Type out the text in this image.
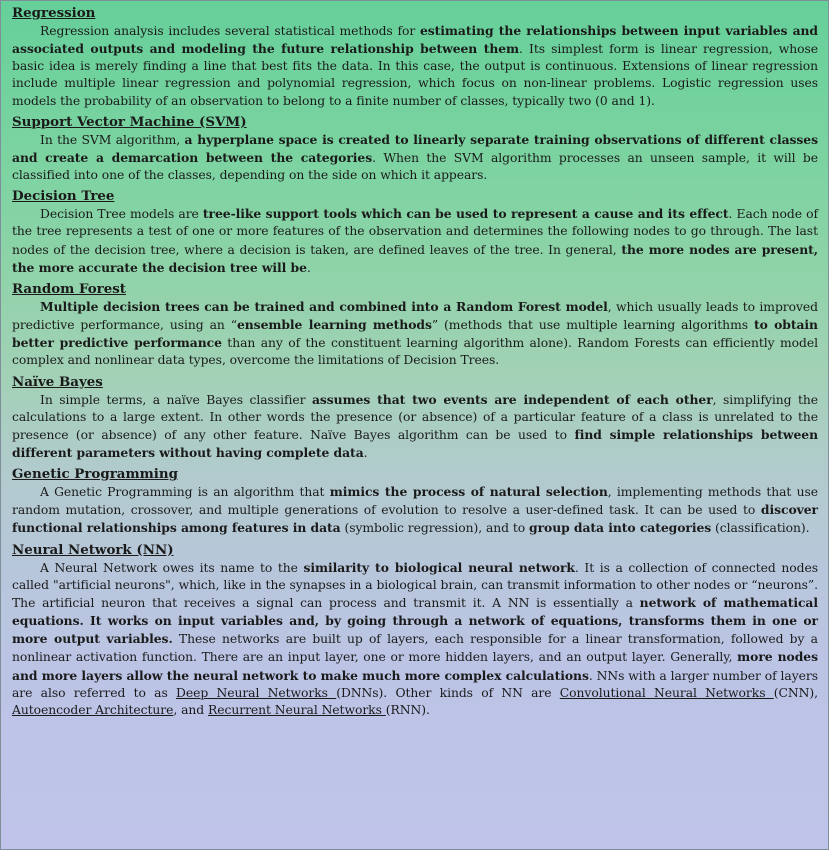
Regression

Regression analysis includes several statistical methods for estimating the relationships between input variables and associated outputs and modeling the future relationship between them. Its simplest form is linear regression, whose basic idea is merely finding a line that best fits the data. In this case, the output is continuous. Extensions of linear regression include multiple linear regression and polynomial regression, which focus on non-linear problems. Logistic regression uses models the probability of an observation to belong to a finite number of classes, typically two (0 and 1).

Support Vector Machine (SVM)

In the SVM algorithm, a hyperplane space is created to linearly separate training observations of different classes and create a demarcation between the categories. When the SVM algorithm processes an unseen sample, it will be classified into one of the classes, depending on the side on which it appears.

Decision Tree

Decision Tree models are tree-like support tools which can be used to represent a cause and its effect. Each node of the tree represents a test of one or more features of the observation and determines the following nodes to go through. The last nodes of the decision tree, where a decision is taken, are defined leaves of the tree. In general, the more nodes are present, the more accurate the decision tree will be.

Random Forest

Multiple decision trees can be trained and combined into a Random Forest model, which usually leads to improved predictive performance, using an “ensemble learning methods” (methods that use multiple learning algorithms to obtain better predictive performance than any of the constituent learning algorithm alone). Random Forests can efficiently model complex and nonlinear data types, overcome the limitations of Decision Trees.

Naïve Bayes

In simple terms, a naïve Bayes classifier assumes that two events are independent of each other, simplifying the calculations to a large extent. In other words the presence (or absence) of a particular feature of a class is unrelated to the presence (or absence) of any other feature. Naïve Bayes algorithm can be used to find simple relationships between different parameters without having complete data.

Genetic Programming

A Genetic Programming is an algorithm that mimics the process of natural selection, implementing methods that use random mutation, crossover, and multiple generations of evolution to resolve a user-defined task. It can be used to discover functional relationships among features in data (symbolic regression), and to group data into categories (classification).

Neural Network (NN)

A Neural Network owes its name to the similarity to biological neural network. It is a collection of connected nodes called "artificial neurons", which, like in the synapses in a biological brain, can transmit information to other nodes or “neurons”. The artificial neuron that receives a signal can process and transmit it. A NN is essentially a network of mathematical equations. It works on input variables and, by going through a network of equations, transforms them in one or more output variables. These networks are built up of layers, each responsible for a linear transformation, followed by a nonlinear activation function. There are an input layer, one or more hidden layers, and an output layer. Generally, more nodes and more layers allow the neural network to make much more complex calculations. NNs with a larger number of layers are also referred to as Deep Neural Networks (DNNs). Other kinds of NN are Convolutional Neural Networks (CNN), Autoencoder Architecture, and Recurrent Neural Networks (RNN).
